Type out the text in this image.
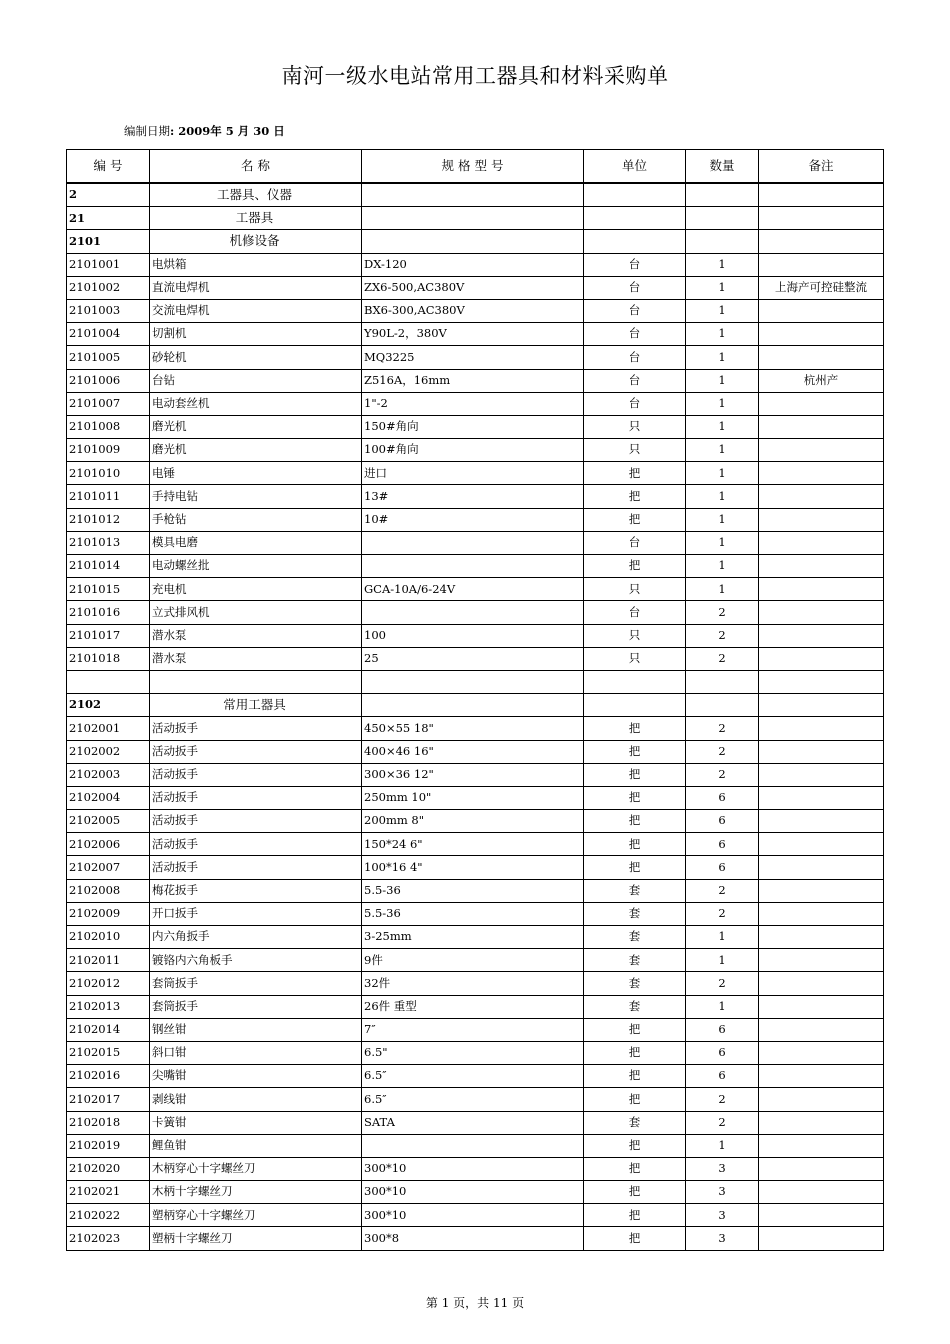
南河一级水电站常用工器具和材料采购单
编制日期: 2009年 5 月 30 日
编 号	名 称	规 格 型 号	单位	数量	备注
2	工器具、仪器				
21	工器具				
2101	机修设备				
2101001	电烘箱	DX-120	台	1	
2101002	直流电焊机	ZX6-500,AC380V	台	1	上海产可控硅整流
2101003	交流电焊机	BX6-300,AC380V	台	1	
2101004	切割机	Y90L-2，380V	台	1	
2101005	砂轮机	MQ3225	台	1	
2101006	台钻	Z516A，16mm	台	1	杭州产
2101007	电动套丝机	1"-2	台	1	
2101008	磨光机	150#角向	只	1	
2101009	磨光机	100#角向	只	1	
2101010	电锤	进口	把	1	
2101011	手持电钻	13#	把	1	
2101012	手枪钻	10#	把	1	
2101013	模具电磨		台	1	
2101014	电动螺丝批		把	1	
2101015	充电机	GCA-10A/6-24V	只	1	
2101016	立式排风机		台	2	
2101017	潜水泵	100	只	2	
2101018	潜水泵	25	只	2	

2102	常用工器具				
2102001	活动扳手	450×55 18"	把	2	
2102002	活动扳手	400×46 16"	把	2	
2102003	活动扳手	300×36 12"	把	2	
2102004	活动扳手	250mm 10"	把	6	
2102005	活动扳手	200mm 8"	把	6	
2102006	活动扳手	150*24 6"	把	6	
2102007	活动扳手	100*16 4"	把	6	
2102008	梅花扳手	5.5-36	套	2	
2102009	开口扳手	5.5-36	套	2	
2102010	内六角扳手	3-25mm	套	1	
2102011	镀铬内六角板手	9件	套	1	
2102012	套筒扳手	32件	套	2	
2102013	套筒扳手	26件 重型	套	1	
2102014	钢丝钳	7″	把	6	
2102015	斜口钳	6.5"	把	6	
2102016	尖嘴钳	6.5″	把	6	
2102017	剥线钳	6.5″	把	2	
2102018	卡簧钳	SATA	套	2	
2102019	鲤鱼钳		把	1	
2102020	木柄穿心十字螺丝刀	300*10	把	3	
2102021	木柄十字螺丝刀	300*10	把	3	
2102022	塑柄穿心十字螺丝刀	300*10	把	3	
2102023	塑柄十字螺丝刀	300*8	把	3	
第 1 页，共 11 页
